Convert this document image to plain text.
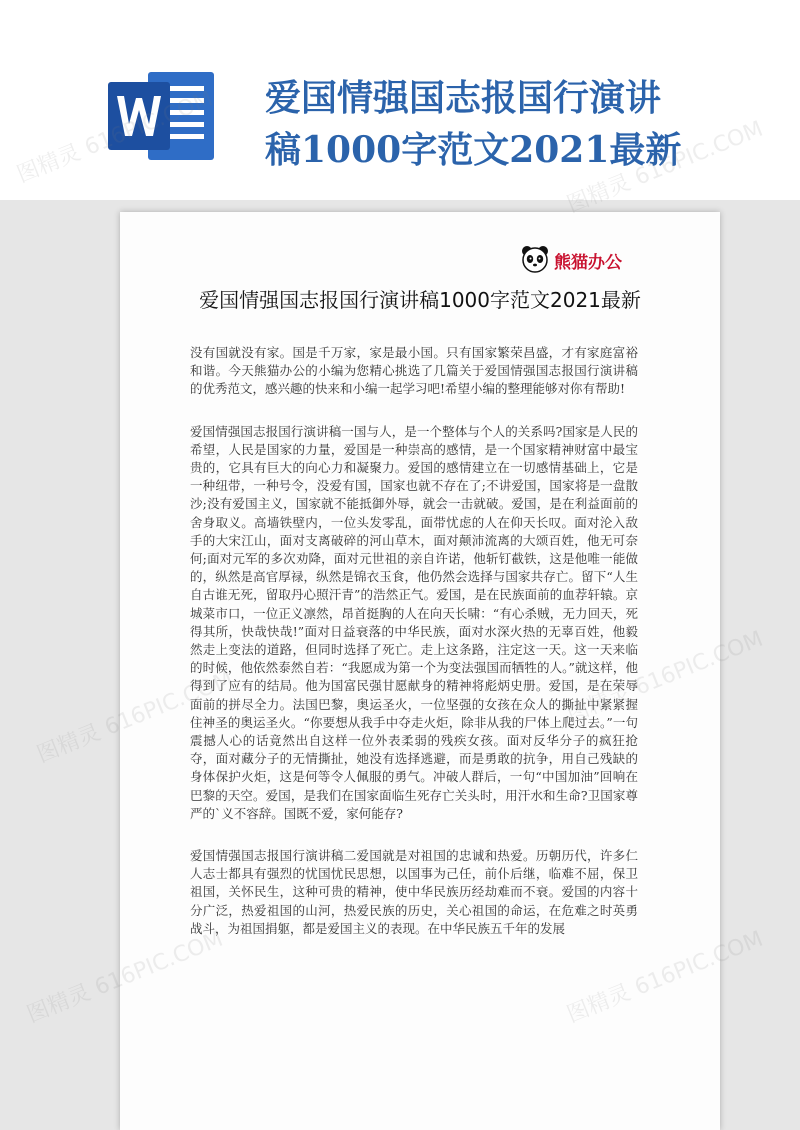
爱国情强国志报国行演讲稿1000字范文2021最新
熊猫办公
爱国情强国志报国行演讲稿1000字范文2021最新

没有国就没有家。国是千万家，家是最小国。只有国家繁荣昌盛，才有家庭富裕和谐。今天熊猫办公的小编为您精心挑选了几篇关于爱国情强国志报国行演讲稿的优秀范文，感兴趣的快来和小编一起学习吧!希望小编的整理能够对你有帮助!

爱国情强国志报国行演讲稿一国与人，是一个整体与个人的关系吗?国家是人民的希望，人民是国家的力量，爱国是一种崇高的感情，是一个国家精神财富中最宝贵的，它具有巨大的向心力和凝聚力。爱国的感情建立在一切感情基础上，它是一种纽带，一种号令，没爱有国，国家也就不存在了;不讲爱国，国家将是一盘散沙;没有爱国主义，国家就不能抵御外辱，就会一击就破。爱国，是在利益面前的舍身取义。高墙铁壁内，一位头发零乱，面带忧虑的人在仰天长叹。面对沦入敌手的大宋江山，面对支离破碎的河山草木，面对颠沛流离的大颂百姓，他无可奈何;面对元军的多次劝降，面对元世祖的亲自许诺，他斩钉截铁，这是他唯一能做的，纵然是高官厚禄，纵然是锦衣玉食，他仍然会选择与国家共存亡。留下“人生自古谁无死，留取丹心照汗青”的浩然正气。爱国，是在民族面前的血荐轩辕。京城菜市口，一位正义凛然，昂首挺胸的人在向天长啸：“有心杀贼，无力回天，死得其所，快哉快哉!”面对日益衰落的中华民族，面对水深火热的无辜百姓，他毅然走上变法的道路，但同时选择了死亡。走上这条路，注定这一天。这一天来临的时候，他依然泰然自若：“我愿成为第一个为变法强国而牺牲的人。”就这样，他得到了应有的结局。他为国富民强甘愿献身的精神将彪炳史册。爱国，是在荣辱面前的拼尽全力。法国巴黎，奥运圣火，一位坚强的女孩在众人的撕扯中紧紧握住神圣的奥运圣火。“你要想从我手中夺走火炬，除非从我的尸体上爬过去。”一句震撼人心的话竟然出自这样一位外表柔弱的残疾女孩。面对反华分子的疯狂抢夺，面对藏分子的无情撕扯，她没有选择逃避，而是勇敢的抗争，用自己残缺的身体保护火炬，这是何等令人佩服的勇气。冲破人群后，一句“中国加油”回响在巴黎的天空。爱国，是我们在国家面临生死存亡关头时，用汗水和生命?卫国家尊严的`义不容辞。国既不爱，家何能存?

爱国情强国志报国行演讲稿二爱国就是对祖国的忠诚和热爱。历朝历代，许多仁人志士都具有强烈的忧国忧民思想，以国事为己任，前仆后继，临难不屈，保卫祖国，关怀民生，这种可贵的精神，使中华民族历经劫难而不衰。爱国的内容十分广泛，热爱祖国的山河，热爱民族的历史，关心祖国的命运，在危难之时英勇战斗，为祖国捐躯，都是爱国主义的表现。在中华民族五千年的发展

图精灵	图精灵 616PIC.COM
